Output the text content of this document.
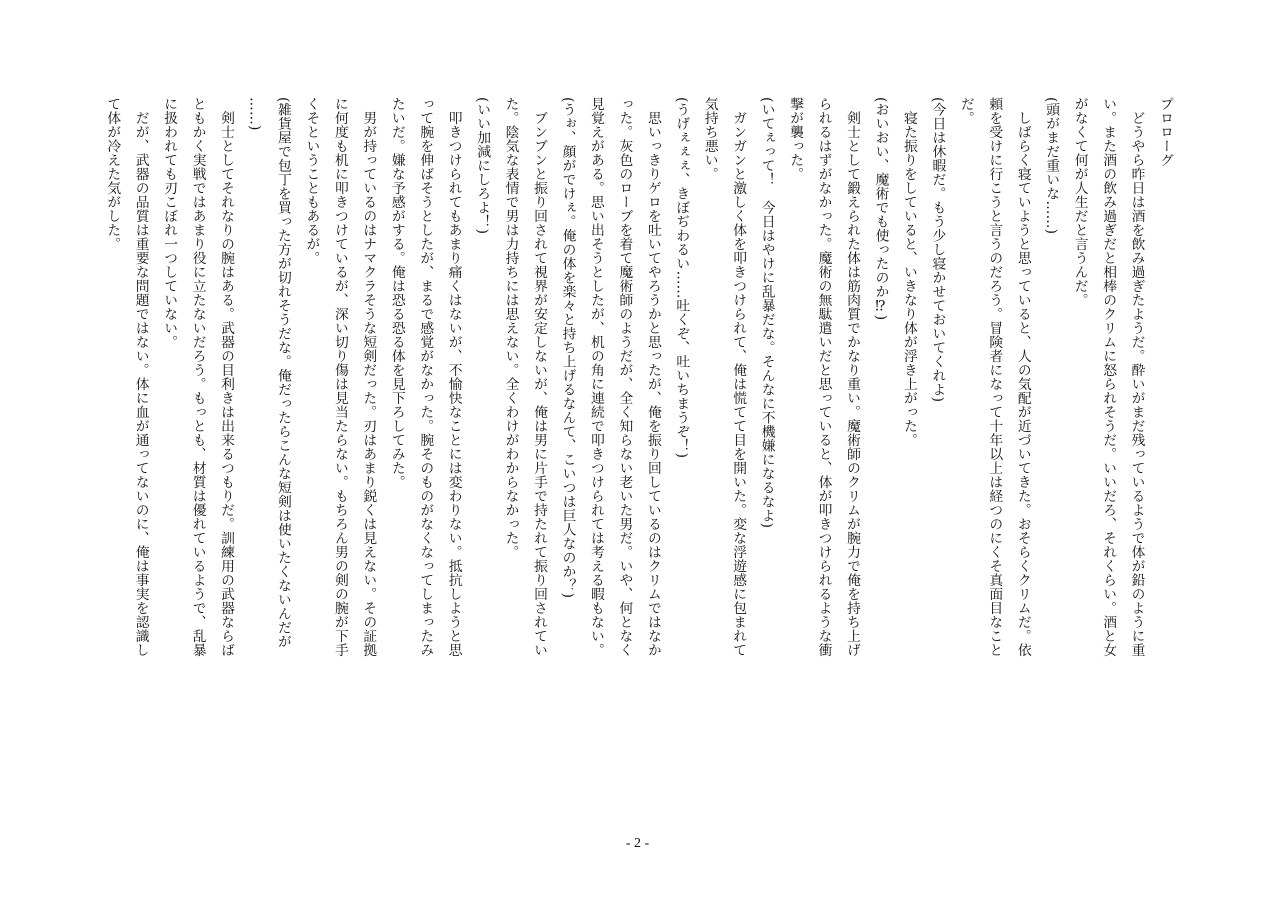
プロローグ
　どうやら昨日は酒を飲み過ぎたようだ。酔いがまだ残っているようで体が鉛のように重
い。また酒の飲み過ぎだと相棒のクリムに怒られそうだ。いいだろ、それくらい。酒と女
がなくて何が人生だと言うんだ。
(頭がまだ重いな……)
　しばらく寝ていようと思っていると、人の気配が近づいてきた。おそらくクリムだ。依
頼を受けに行こうと言うのだろう。冒険者になって十年以上は経つのにくそ真面目なこと
だ。
(今日は休暇だ。もう少し寝かせておいてくれよ)
　寝た振りをしていると、いきなり体が浮き上がった。
(おいおい、魔術でも使ったのか⁉)
　剣士として鍛えられた体は筋肉質でかなり重い。魔術師のクリムが腕力で俺を持ち上げ
られるはずがなかった。魔術の無駄遣いだと思っていると、体が叩きつけられるような衝
撃が襲った。
(いてぇって！　今日はやけに乱暴だな。そんなに不機嫌になるなよ)
　ガンガンと激しく体を叩きつけられて、俺は慌てて目を開いた。変な浮遊感に包まれて
気持ち悪い。
(うげぇぇぇ、きぼぢわるい……吐くぞ、吐いちまうぞ！)
　思いっきりゲロを吐いてやろうかと思ったが、俺を振り回しているのはクリムではなか
った。灰色のローブを着て魔術師のようだが、全く知らない老いた男だ。いや、何となく
見覚えがある。思い出そうとしたが、机の角に連続で叩きつけられては考える暇もない。
(うぉ、顔がでけぇ。俺の体を楽々と持ち上げるなんて、こいつは巨人なのか？)
　ブンブンと振り回されて視界が安定しないが、俺は男に片手で持たれて振り回されてい
た。陰気な表情で男は力持ちには思えない。全くわけがわからなかった。
(いい加減にしろよ！)
　叩きつけられてもあまり痛くはないが、不愉快なことには変わりない。抵抗しようと思
って腕を伸ばそうとしたが、まるで感覚がなかった。腕そのものがなくなってしまったみ
たいだ。嫌な予感がする。俺は恐る恐る体を見下ろしてみた。
　男が持っているのはナマクラそうな短剣だった。刃はあまり鋭くは見えない。その証拠
に何度も机に叩きつけているが、深い切り傷は見当たらない。もちろん男の剣の腕が下手
くそということもあるが。
(雑貨屋で包丁を買った方が切れそうだな。俺だったらこんな短剣は使いたくないんだが
……)
　剣士としてそれなりの腕はある。武器の目利きは出来るつもりだ。訓練用の武器ならば
ともかく実戦ではあまり役に立たないだろう。もっとも、材質は優れているようで、乱暴
に扱われても刃こぼれ一つしていない。
　だが、武器の品質は重要な問題ではない。体に血が通ってないのに、俺は事実を認識し
て体が冷えた気がした。
- 2 -
